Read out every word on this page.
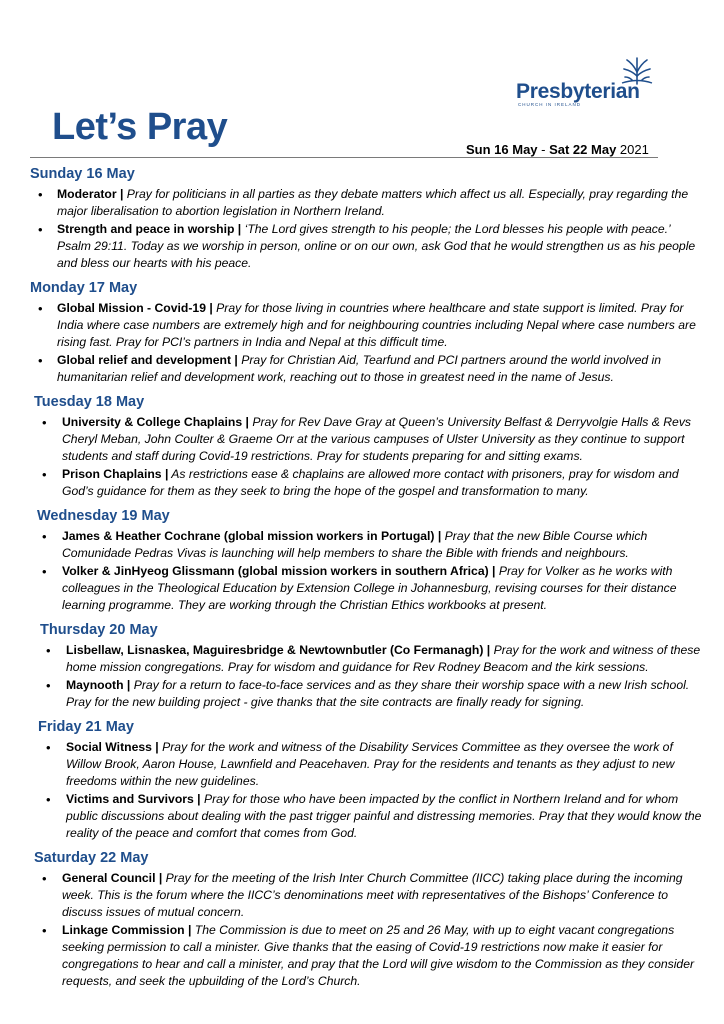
Presbyterian
CHURCH IN IRELAND
Let’s Pray
Sun 16 May - Sat 22 May 2021
Sunday 16 May
• Moderator | Pray for politicians in all parties as they debate matters which affect us all. Especially, pray regarding the major liberalisation to abortion legislation in Northern Ireland.
• Strength and peace in worship | ‘The Lord gives strength to his people; the Lord blesses his people with peace.’ Psalm 29:11. Today as we worship in person, online or on our own, ask God that he would strengthen us as his people and bless our hearts with his peace.
Monday 17 May
• Global Mission - Covid-19 | Pray for those living in countries where healthcare and state support is limited. Pray for India where case numbers are extremely high and for neighbouring countries including Nepal where case numbers are rising fast. Pray for PCI’s partners in India and Nepal at this difficult time.
• Global relief and development | Pray for Christian Aid, Tearfund and PCI partners around the world involved in humanitarian relief and development work, reaching out to those in greatest need in the name of Jesus.
Tuesday 18 May
• University & College Chaplains | Pray for Rev Dave Gray at Queen’s University Belfast & Derryvolgie Halls & Revs Cheryl Meban, John Coulter & Graeme Orr at the various campuses of Ulster University as they continue to support students and staff during Covid-19 restrictions. Pray for students preparing for and sitting exams.
• Prison Chaplains | As restrictions ease & chaplains are allowed more contact with prisoners, pray for wisdom and God’s guidance for them as they seek to bring the hope of the gospel and transformation to many.
Wednesday 19 May
• James & Heather Cochrane (global mission workers in Portugal) | Pray that the new Bible Course which Comunidade Pedras Vivas is launching will help members to share the Bible with friends and neighbours.
• Volker & JinHyeog Glissmann (global mission workers in southern Africa) | Pray for Volker as he works with colleagues in the Theological Education by Extension College in Johannesburg, revising courses for their distance learning programme. They are working through the Christian Ethics workbooks at present.
Thursday 20 May
• Lisbellaw, Lisnaskea, Maguiresbridge & Newtownbutler (Co Fermanagh) | Pray for the work and witness of these home mission congregations. Pray for wisdom and guidance for Rev Rodney Beacom and the kirk sessions.
• Maynooth | Pray for a return to face-to-face services and as they share their worship space with a new Irish school. Pray for the new building project - give thanks that the site contracts are finally ready for signing.
Friday 21 May
• Social Witness | Pray for the work and witness of the Disability Services Committee as they oversee the work of Willow Brook, Aaron House, Lawnfield and Peacehaven. Pray for the residents and tenants as they adjust to new freedoms within the new guidelines.
• Victims and Survivors | Pray for those who have been impacted by the conflict in Northern Ireland and for whom public discussions about dealing with the past trigger painful and distressing memories. Pray that they would know the reality of the peace and comfort that comes from God.
Saturday 22 May
• General Council | Pray for the meeting of the Irish Inter Church Committee (IICC) taking place during the incoming week. This is the forum where the IICC’s denominations meet with representatives of the Bishops’ Conference to discuss issues of mutual concern.
• Linkage Commission | The Commission is due to meet on 25 and 26 May, with up to eight vacant congregations seeking permission to call a minister. Give thanks that the easing of Covid-19 restrictions now make it easier for congregations to hear and call a minister, and pray that the Lord will give wisdom to the Commission as they consider requests, and seek the upbuilding of the Lord’s Church.
